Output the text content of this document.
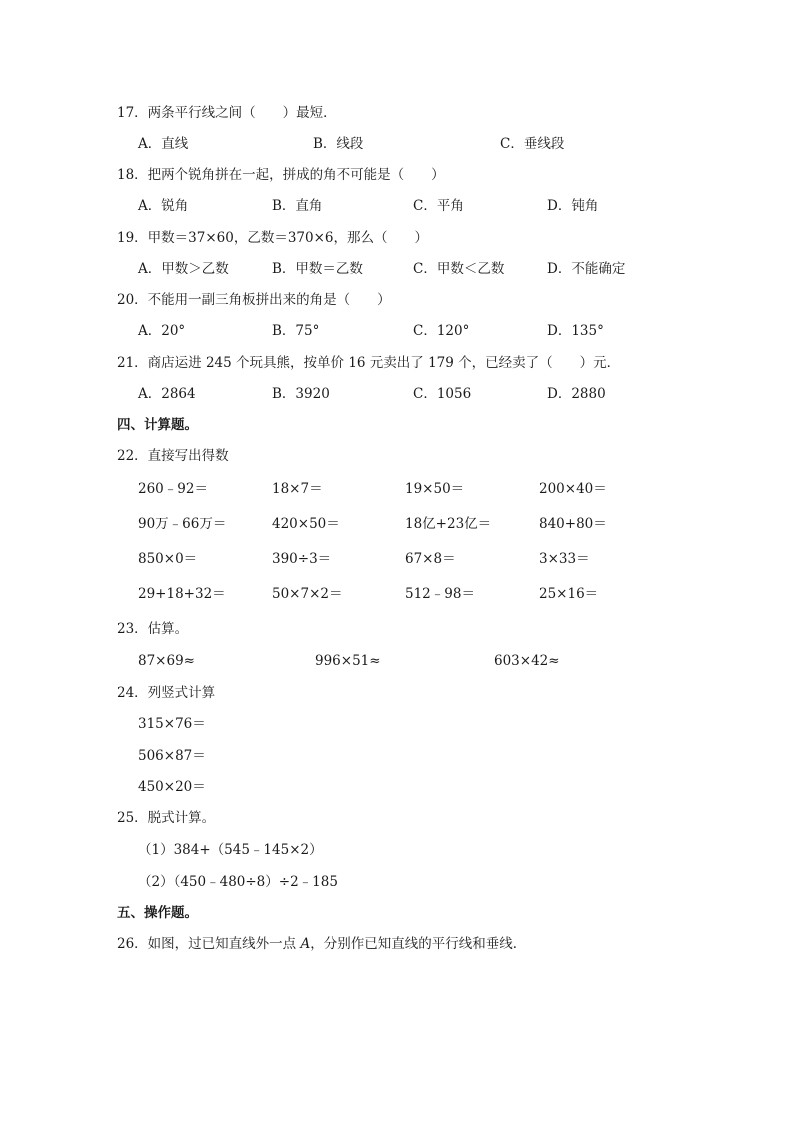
17．两条平行线之间（　　）最短．
A．直线	B．线段	C．垂线段
18．把两个锐角拼在一起，拼成的角不可能是（　　）
A．锐角	B．直角	C．平角	D．钝角
19．甲数＝37×60，乙数＝370×6，那么（　　）
A．甲数＞乙数	B．甲数＝乙数	C．甲数＜乙数	D．不能确定
20．不能用一副三角板拼出来的角是（　　）
A．20°	B．75°	C．120°	D．135°
21．商店运进 245 个玩具熊，按单价 16 元卖出了 179 个，已经卖了（　　）元．
A．2864	B．3920	C．1056	D．2880
四、计算题。
22．直接写出得数
260﹣92＝	18×7＝	19×50＝	200×40＝
90万﹣66万＝	420×50＝	18亿+23亿＝	840+80＝
850×0＝	390÷3＝	67×8＝	3×33＝
29+18+32＝	50×7×2＝	512﹣98＝	25×16＝
23．估算。
87×69≈	996×51≈	603×42≈
24．列竖式计算
315×76＝
506×87＝
450×20＝
25．脱式计算。
（1）384+（545﹣145×2）
（2）（450﹣480÷8）÷2﹣185
五、操作题。
26．如图，过已知直线外一点 A，分别作已知直线的平行线和垂线．
